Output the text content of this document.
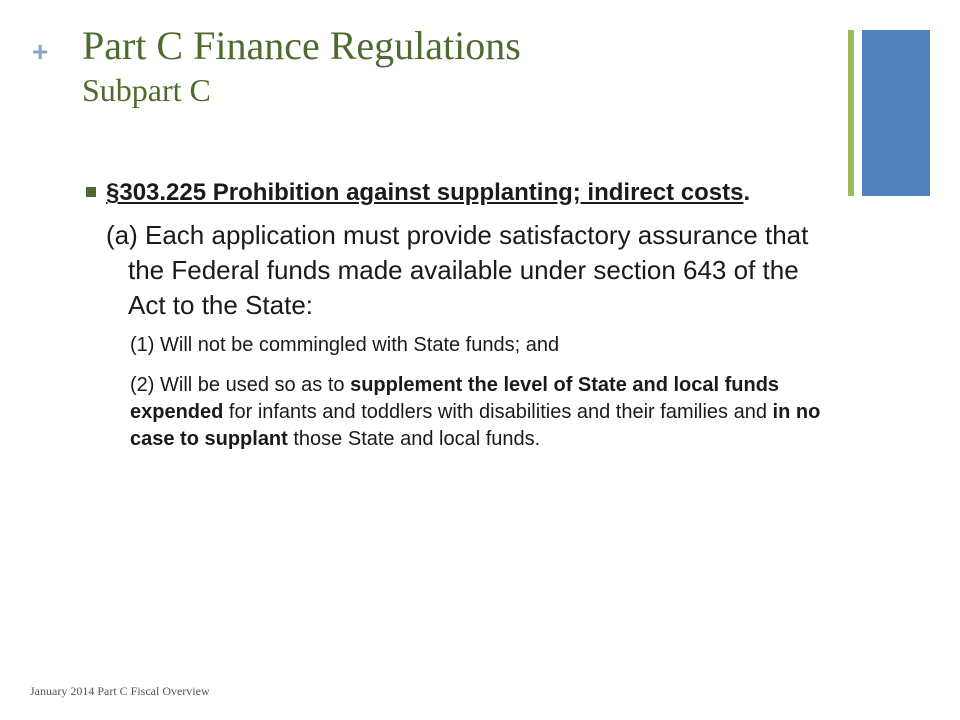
+ Part C Finance Regulations
Subpart C
§303.225 Prohibition against supplanting; indirect costs.
(a) Each application must provide satisfactory assurance that the Federal funds made available under section 643 of the Act to the State:
(1) Will not be commingled with State funds; and
(2) Will be used so as to supplement the level of State and local funds expended for infants and toddlers with disabilities and their families and in no case to supplant those State and local funds.
January 2014 Part C Fiscal Overview
